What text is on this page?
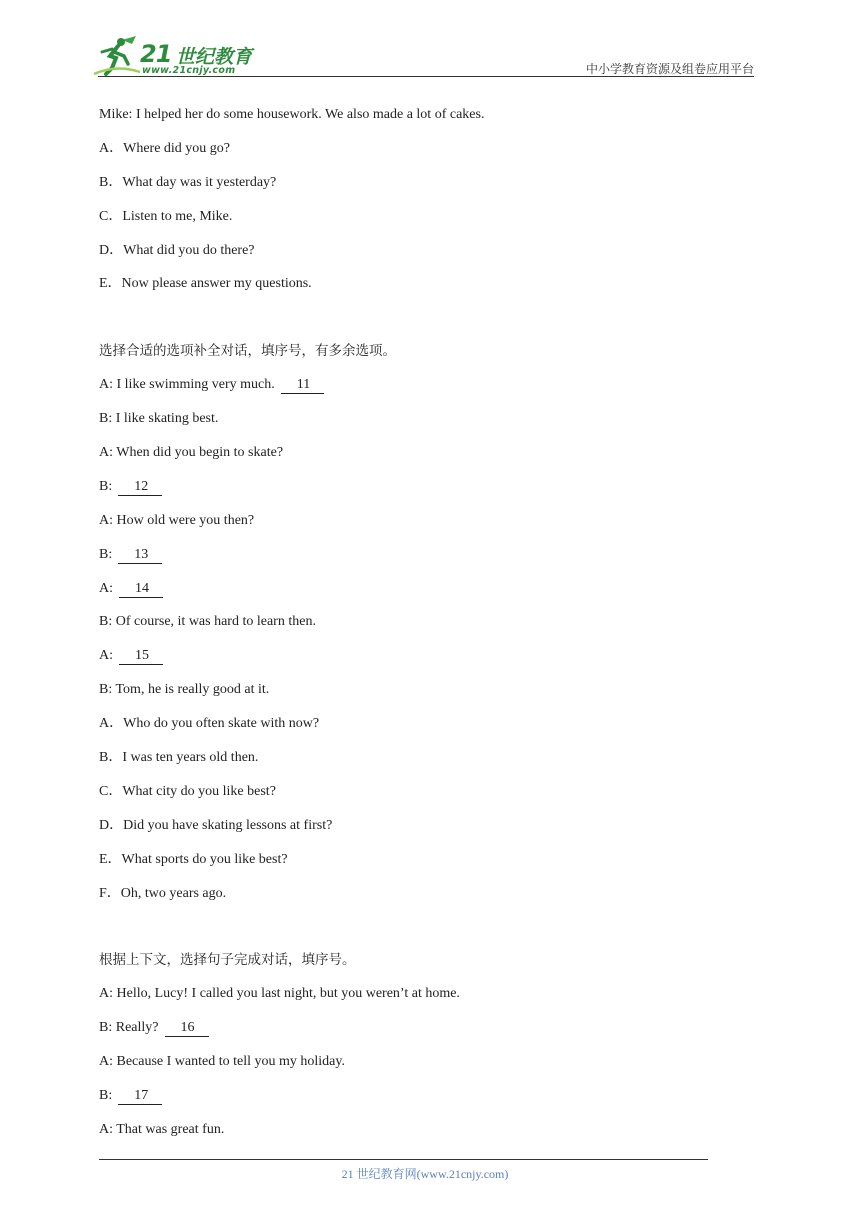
21 世纪教育
www.21cnjy.com	中小学教育资源及组卷应用平台
Mike: I helped her do some housework. We also made a lot of cakes.
A．Where did you go?
B．What day was it yesterday?
C．Listen to me, Mike.
D．What did you do there?
E．Now please answer my questions.
选择合适的选项补全对话，填序号，有多余选项。
A: I like swimming very much. 11
B: I like skating best.
A: When did you begin to skate?
B: 12
A: How old were you then?
B: 13
A: 14
B: Of course, it was hard to learn then.
A: 15
B: Tom, he is really good at it.
A．Who do you often skate with now?
B．I was ten years old then.
C．What city do you like best?
D．Did you have skating lessons at first?
E．What sports do you like best?
F．Oh, two years ago.
根据上下文，选择句子完成对话，填序号。
A: Hello, Lucy! I called you last night, but you weren’t at home.
B: Really? 16
A: Because I wanted to tell you my holiday.
B: 17
A: That was great fun.
21 世纪教育网(www.21cnjy.com)
